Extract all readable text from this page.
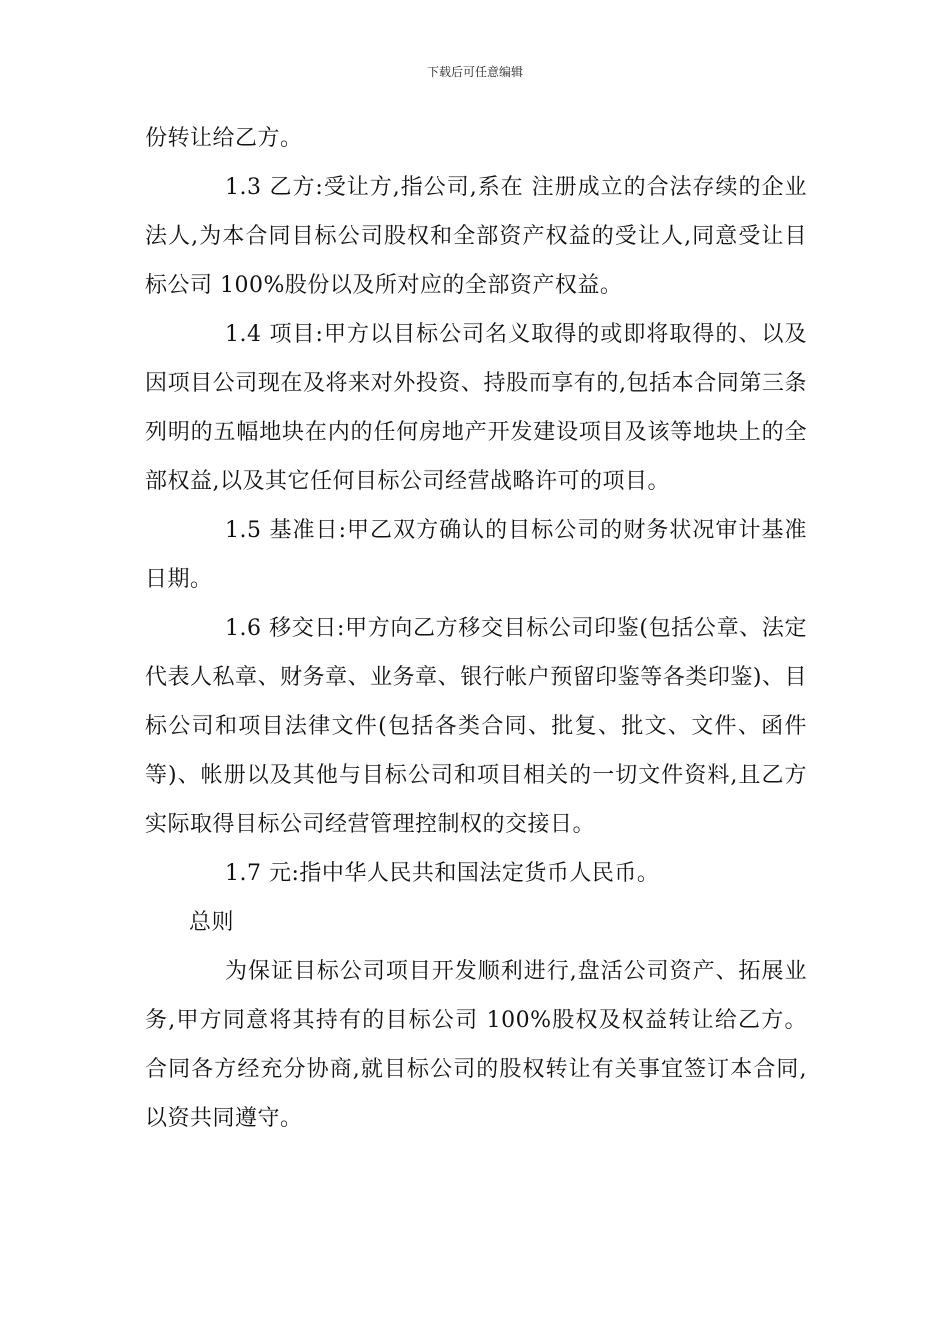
下载后可任意编辑

份转让给乙方。

1.3 乙方:受让方,指公司,系在 注册成立的合法存续的企业法人,为本合同目标公司股权和全部资产权益的受让人,同意受让目标公司 100%股份以及所对应的全部资产权益。

1.4 项目:甲方以目标公司名义取得的或即将取得的、以及因项目公司现在及将来对外投资、持股而享有的,包括本合同第三条列明的五幅地块在内的任何房地产开发建设项目及该等地块上的全部权益,以及其它任何目标公司经营战略许可的项目。

1.5 基准日:甲乙双方确认的目标公司的财务状况审计基准日期。

1.6 移交日:甲方向乙方移交目标公司印鉴(包括公章、法定代表人私章、财务章、业务章、银行帐户预留印鉴等各类印鉴)、目标公司和项目法律文件(包括各类合同、批复、批文、文件、函件等)、帐册以及其他与目标公司和项目相关的一切文件资料,且乙方实际取得目标公司经营管理控制权的交接日。

1.7 元:指中华人民共和国法定货币人民币。

总则

为保证目标公司项目开发顺利进行,盘活公司资产、拓展业务,甲方同意将其持有的目标公司 100%股权及权益转让给乙方。合同各方经充分协商,就目标公司的股权转让有关事宜签订本合同,以资共同遵守。
